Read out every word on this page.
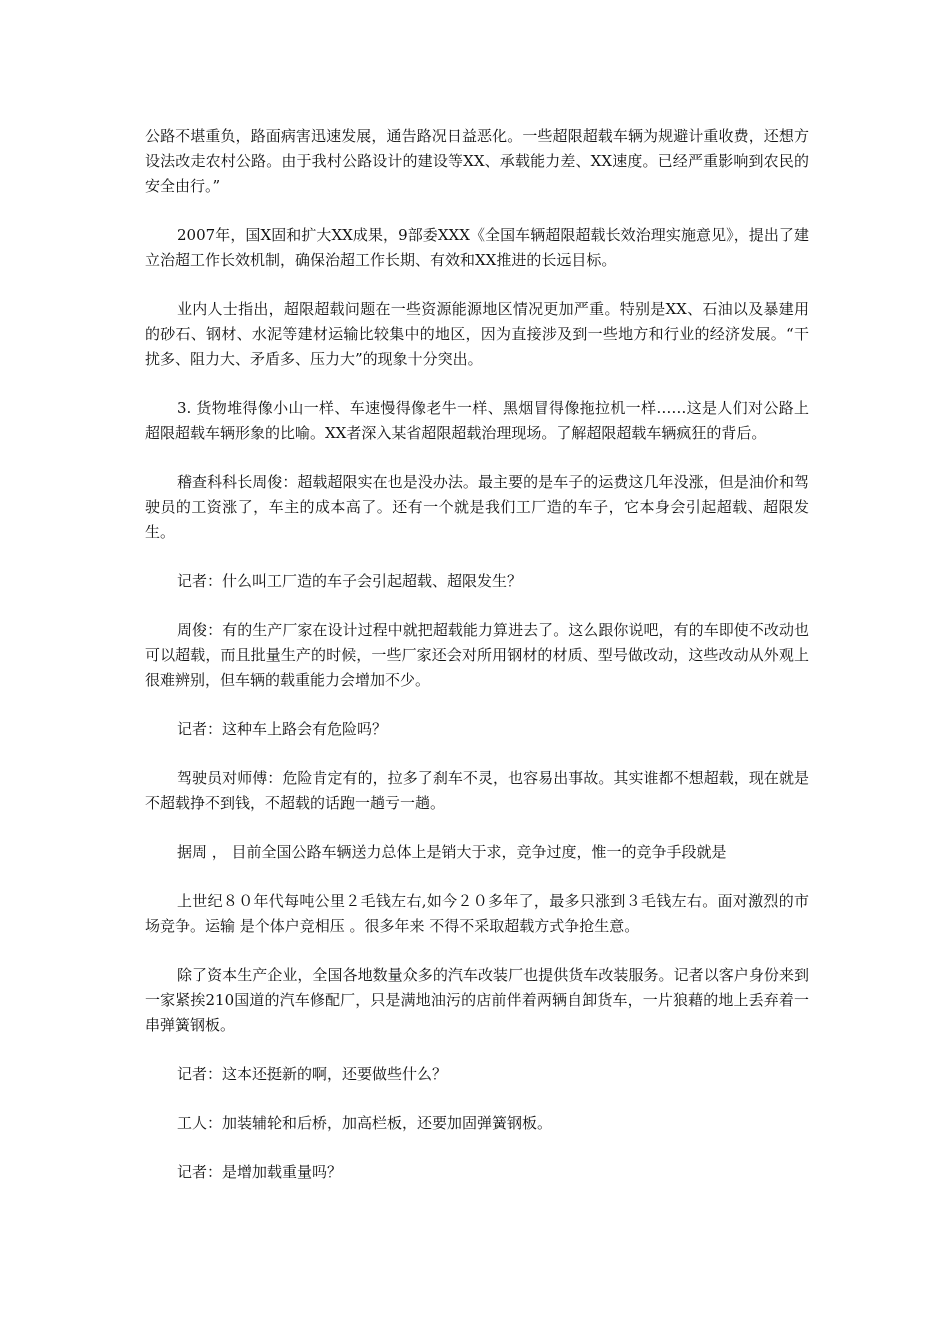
公路不堪重负，路面病害迅速发展，通告路况日益恶化。一些超限超载车辆为规避计重收费，还想方设法改走农村公路。由于我村公路设计的建设等XX、承载能力差、XX速度。已经严重影响到农民的安全由行。”

2007年，国X固和扩大XX成果，9部委XXX《全国车辆超限超载长效治理实施意见》，提出了建立治超工作长效机制，确保治超工作长期、有效和XX推进的长远目标。

业内人士指出，超限超载问题在一些资源能源地区情况更加严重。特别是XX、石油以及暴建用的砂石、钢材、水泥等建材运输比较集中的地区，因为直接涉及到一些地方和行业的经济发展。“干扰多、阻力大、矛盾多、压力大”的现象十分突出。

3. 货物堆得像小山一样、车速慢得像老牛一样、黑烟冒得像拖拉机一样……这是人们对公路上超限超载车辆形象的比喻。XX者深入某省超限超载治理现场。了解超限超载车辆疯狂的背后。

稽查科科长周俊：超载超限实在也是没办法。最主要的是车子的运费这几年没涨，但是油价和驾驶员的工资涨了，车主的成本高了。还有一个就是我们工厂造的车子，它本身会引起超载、超限发生。

记者：什么叫工厂造的车子会引起超载、超限发生？

周俊：有的生产厂家在设计过程中就把超载能力算进去了。这么跟你说吧，有的车即使不改动也可以超载，而且批量生产的时候，一些厂家还会对所用钢材的材质、型号做改动，这些改动从外观上很难辨别，但车辆的载重能力会增加不少。

记者：这种车上路会有危险吗？

驾驶员对师傅：危险肯定有的，拉多了刹车不灵，也容易出事故。其实谁都不想超载，现在就是不超载挣不到钱，不超载的话跑一趟亏一趟。

据周 ， 目前全国公路车辆送力总体上是销大于求，竞争过度，惟一的竞争手段就是

上世纪８０年代每吨公里２毛钱左右,如今２０多年了，最多只涨到３毛钱左右。面对激烈的市场竞争。运输 是个体户竞相压 。很多年来 不得不采取超载方式争抢生意。

除了资本生产企业，全国各地数量众多的汽车改装厂也提供货车改装服务。记者以客户身份来到一家紧挨210国道的汽车修配厂，只是满地油污的店前伴着两辆自卸货车，一片狼藉的地上丢弃着一串弹簧钢板。

记者：这本还挺新的啊，还要做些什么？

工人：加装辅轮和后桥，加高栏板，还要加固弹簧钢板。

记者：是增加载重量吗？
